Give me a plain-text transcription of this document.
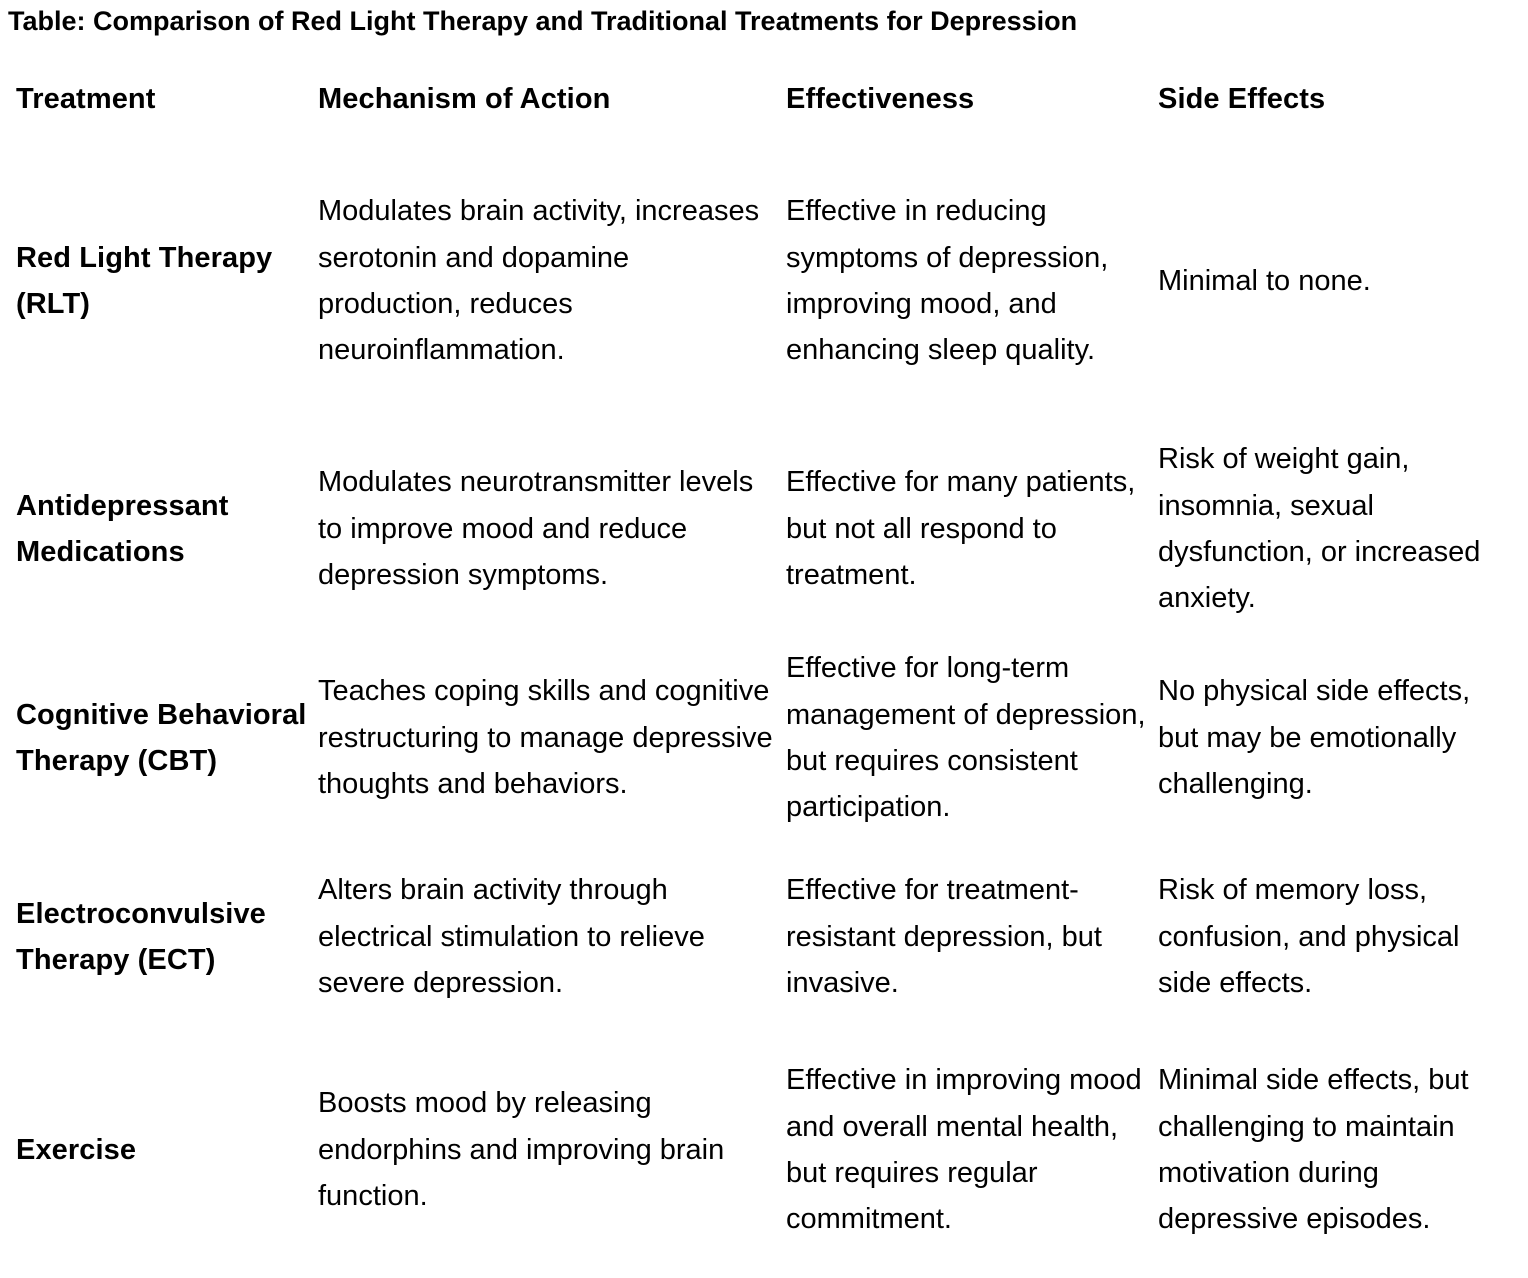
Table: Comparison of Red Light Therapy and Traditional Treatments for Depression
Treatment	Mechanism of Action	Effectiveness	Side Effects
Red Light Therapy (RLT)	Modulates brain activity, increases serotonin and dopamine production, reduces neuroinflammation.	Effective in reducing symptoms of depression, improving mood, and enhancing sleep quality.	Minimal to none.
Antidepressant Medications	Modulates neurotransmitter levels to improve mood and reduce depression symptoms.	Effective for many patients, but not all respond to treatment.	Risk of weight gain, insomnia, sexual dysfunction, or increased anxiety.
Cognitive Behavioral Therapy (CBT)	Teaches coping skills and cognitive restructuring to manage depressive thoughts and behaviors.	Effective for long-term management of depression, but requires consistent participation.	No physical side effects, but may be emotionally challenging.
Electroconvulsive Therapy (ECT)	Alters brain activity through electrical stimulation to relieve severe depression.	Effective for treatment-resistant depression, but invasive.	Risk of memory loss, confusion, and physical side effects.
Exercise	Boosts mood by releasing endorphins and improving brain function.	Effective in improving mood and overall mental health, but requires regular commitment.	Minimal side effects, but challenging to maintain motivation during depressive episodes.
